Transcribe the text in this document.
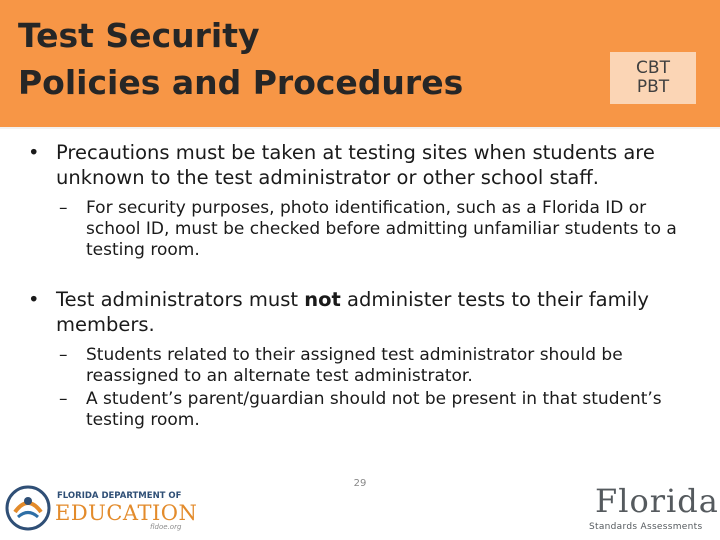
Test Security
Policies and Procedures	CBT
PBT
• Precautions must be taken at testing sites when students are unknown to the test administrator or other school staff.
– For security purposes, photo identification, such as a Florida ID or school ID, must be checked before admitting unfamiliar students to a testing room.
• Test administrators must not administer tests to their family members.
– Students related to their assigned test administrator should be reassigned to an alternate test administrator.
– A student’s parent/guardian should not be present in that student’s testing room.
FLORIDA DEPARTMENT OF
EDUCATION
fldoe.org
29	Florida
Standards Assessments
